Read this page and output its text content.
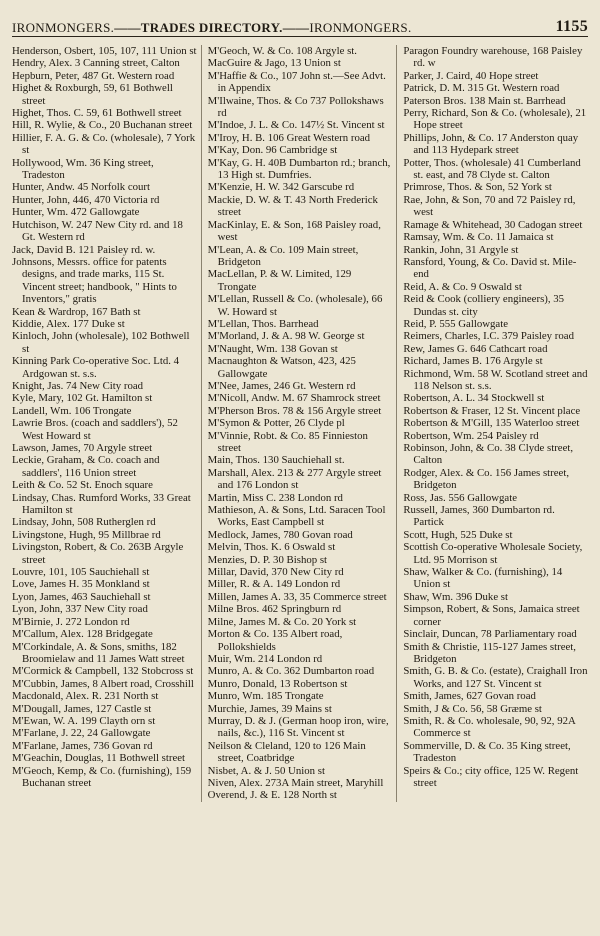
IRONMONGERS. ——TRADES DIRECTORY.—— IRONMONGERS.	1155

Henderson, Osbert, 105, 107, 111 Union st

Hendry, Alex. 3 Canning street, Calton

Hepburn, Peter, 487 Gt. Western road

Highet & Roxburgh, 59, 61 Bothwell street

Highet, Thos. C. 59, 61 Bothwell street

Hill, R. Wylie, & Co., 20 Buchanan street

Hillier, F. A. G. & Co. (wholesale), 7 York st

Hollywood, Wm. 36 King street, Tradeston

Hunter, Andw. 45 Norfolk court

Hunter, John, 446, 470 Victoria rd

Hunter, Wm. 472 Gallowgate

Hutchison, W. 247 New City rd. and 18 Gt. Western rd

Jack, David B. 121 Paisley rd. w.

Johnsons, Messrs. office for patents designs, and trade marks, 115 St. Vincent street; handbook, " Hints to Inventors," gratis

Kean & Wardrop, 167 Bath st

Kiddie, Alex. 177 Duke st

Kinloch, John (wholesale), 102 Bothwell st

Kinning Park Co-operative Soc. Ltd. 4 Ardgowan st. s.s.

Knight, Jas. 74 New City road

Kyle, Mary, 102 Gt. Hamilton st

Landell, Wm. 106 Trongate

Lawrie Bros. (coach and saddlers'), 52 West Howard st

Lawson, James, 70 Argyle street

Leckie, Graham, & Co. coach and saddlers', 116 Union street

Leith & Co. 52 St. Enoch square

Lindsay, Chas. Rumford Works, 33 Great Hamilton st

Lindsay, John, 508 Rutherglen rd

Livingstone, Hugh, 95 Millbrae rd

Livingston, Robert, & Co. 263B Argyle street

Louvre, 101, 105 Sauchiehall st

Love, James H. 35 Monkland st

Lyon, James, 463 Sauchiehall st

Lyon, John, 337 New City road

M'Birnie, J. 272 London rd

M'Callum, Alex. 128 Bridgegate

M'Corkindale, A. & Sons, smiths, 182 Broomielaw and 11 James Watt street

M'Cormick & Campbell, 132 Stobcross st

M'Cubbin, James, 8 Albert road, Crosshill

Macdonald, Alex. R. 231 North st

M'Dougall, James, 127 Castle st

M'Ewan, W. A. 199 Clayth orn st

M'Farlane, J. 22, 24 Gallowgate

M'Farlane, James, 736 Govan rd

M'Geachin, Douglas, 11 Bothwell street

M'Geoch, Kemp, & Co. (furnishing), 159 Buchanan street

M'Geoch, W. & Co. 108 Argyle st.

MacGuire & Jago, 13 Union st

M'Haffie & Co., 107 John st.—See Advt. in Appendix

M'Ilwaine, Thos. & Co 737 Pollokshaws rd

M'Indoe, J. L. & Co. 147½ St. Vincent st

M'Iroy, H. B. 106 Great Western road

M'Kay, Don. 96 Cambridge st

M'Kay, G. H. 40B Dumbarton rd.; branch, 13 High st. Dumfries.

M'Kenzie, H. W. 342 Garscube rd

Mackie, D. W. & T. 43 North Frederick street

MacKinlay, E. & Son, 168 Paisley road, west

M'Lean, A. & Co. 109 Main street, Bridgeton

MacLellan, P. & W. Limited, 129 Trongate

M'Lellan, Russell & Co. (wholesale), 66 W. Howard st

M'Lellan, Thos. Barrhead

M'Morland, J. & A. 98 W. George st

M'Naught, Wm. 138 Govan st

Macnaughton & Watson, 423, 425 Gallowgate

M'Nee, James, 246 Gt. Western rd

M'Nicoll, Andw. M. 67 Shamrock street

M'Pherson Bros. 78 & 156 Argyle street

M'Symon & Potter, 26 Clyde pl

M'Vinnie, Robt. & Co. 85 Finnieston street

Main, Thos. 130 Sauchiehall st.

Marshall, Alex. 213 & 277 Argyle street and 176 London st

Martin, Miss C. 238 London rd

Mathieson, A. & Sons, Ltd. Saracen Tool Works, East Campbell st

Medlock, James, 780 Govan road

Melvin, Thos. K. 6 Oswald st

Menzies, D. P. 30 Bishop st

Millar, David, 370 New City rd

Miller, R. & A. 149 London rd

Millen, James A. 33, 35 Commerce street

Milne Bros. 462 Springburn rd

Milne, James M. & Co. 20 York st

Morton & Co. 135 Albert road, Pollokshields

Muir, Wm. 214 London rd

Munro, A. & Co. 362 Dumbarton road

Munro, Donald, 13 Robertson st

Munro, Wm. 185 Trongate

Murchie, James, 39 Mains st

Murray, D. & J. (German hoop iron, wire, nails, &c.), 116 St. Vincent st

Neilson & Cleland, 120 to 126 Main street, Coatbridge

Nisbet, A. & J. 50 Union st

Niven, Alex. 273A Main street, Maryhill

Overend, J. & E. 128 North st

Paragon Foundry warehouse, 168 Paisley rd. w

Parker, J. Caird, 40 Hope street

Patrick, D. M. 315 Gt. Western road

Paterson Bros. 138 Main st. Barrhead

Perry, Richard, Son & Co. (wholesale), 21 Hope street

Phillips, John, & Co. 17 Anderston quay and 113 Hydepark street

Potter, Thos. (wholesale) 41 Cumberland st. east, and 78 Clyde st. Calton

Primrose, Thos. & Son, 52 York st

Rae, John, & Son, 70 and 72 Paisley rd, west

Ramage & Whitehead, 30 Cadogan street

Ramsay, Wm. & Co. 11 Jamaica st

Rankin, John, 31 Argyle st

Ransford, Young, & Co. David st. Mile-end

Reid, A. & Co. 9 Oswald st

Reid & Cook (colliery engineers), 35 Dundas st. city

Reid, P. 555 Gallowgate

Reimers, Charles, I.C. 379 Paisley road

Rew, James G. 646 Cathcart road

Richard, James B. 176 Argyle st

Richmond, Wm. 58 W. Scotland street and 118 Nelson st. s.s.

Robertson, A. L. 34 Stockwell st

Robertson & Fraser, 12 St. Vincent place

Robertson & M'Gill, 135 Waterloo street

Robertson, Wm. 254 Paisley rd

Robinson, John, & Co. 38 Clyde street, Calton

Rodger, Alex. & Co. 156 James street, Bridgeton

Ross, Jas. 556 Gallowgate

Russell, James, 360 Dumbarton rd. Partick

Scott, Hugh, 525 Duke st

Scottish Co-operative Wholesale Society, Ltd. 95 Morrison st

Shaw, Walker & Co. (furnishing), 14 Union st

Shaw, Wm. 396 Duke st

Simpson, Robert, & Sons, Jamaica street corner

Sinclair, Duncan, 78 Parliamentary road

Smith & Christie, 115-127 James street, Bridgeton

Smith, G. B. & Co. (estate), Craighall Iron Works, and 127 St. Vincent st

Smith, James, 627 Govan road

Smith, J & Co. 56, 58 Græme st

Smith, R. & Co. wholesale, 90, 92, 92A Commerce st

Sommerville, D. & Co. 35 King street, Tradeston

Speirs & Co.; city office, 125 W. Regent street
